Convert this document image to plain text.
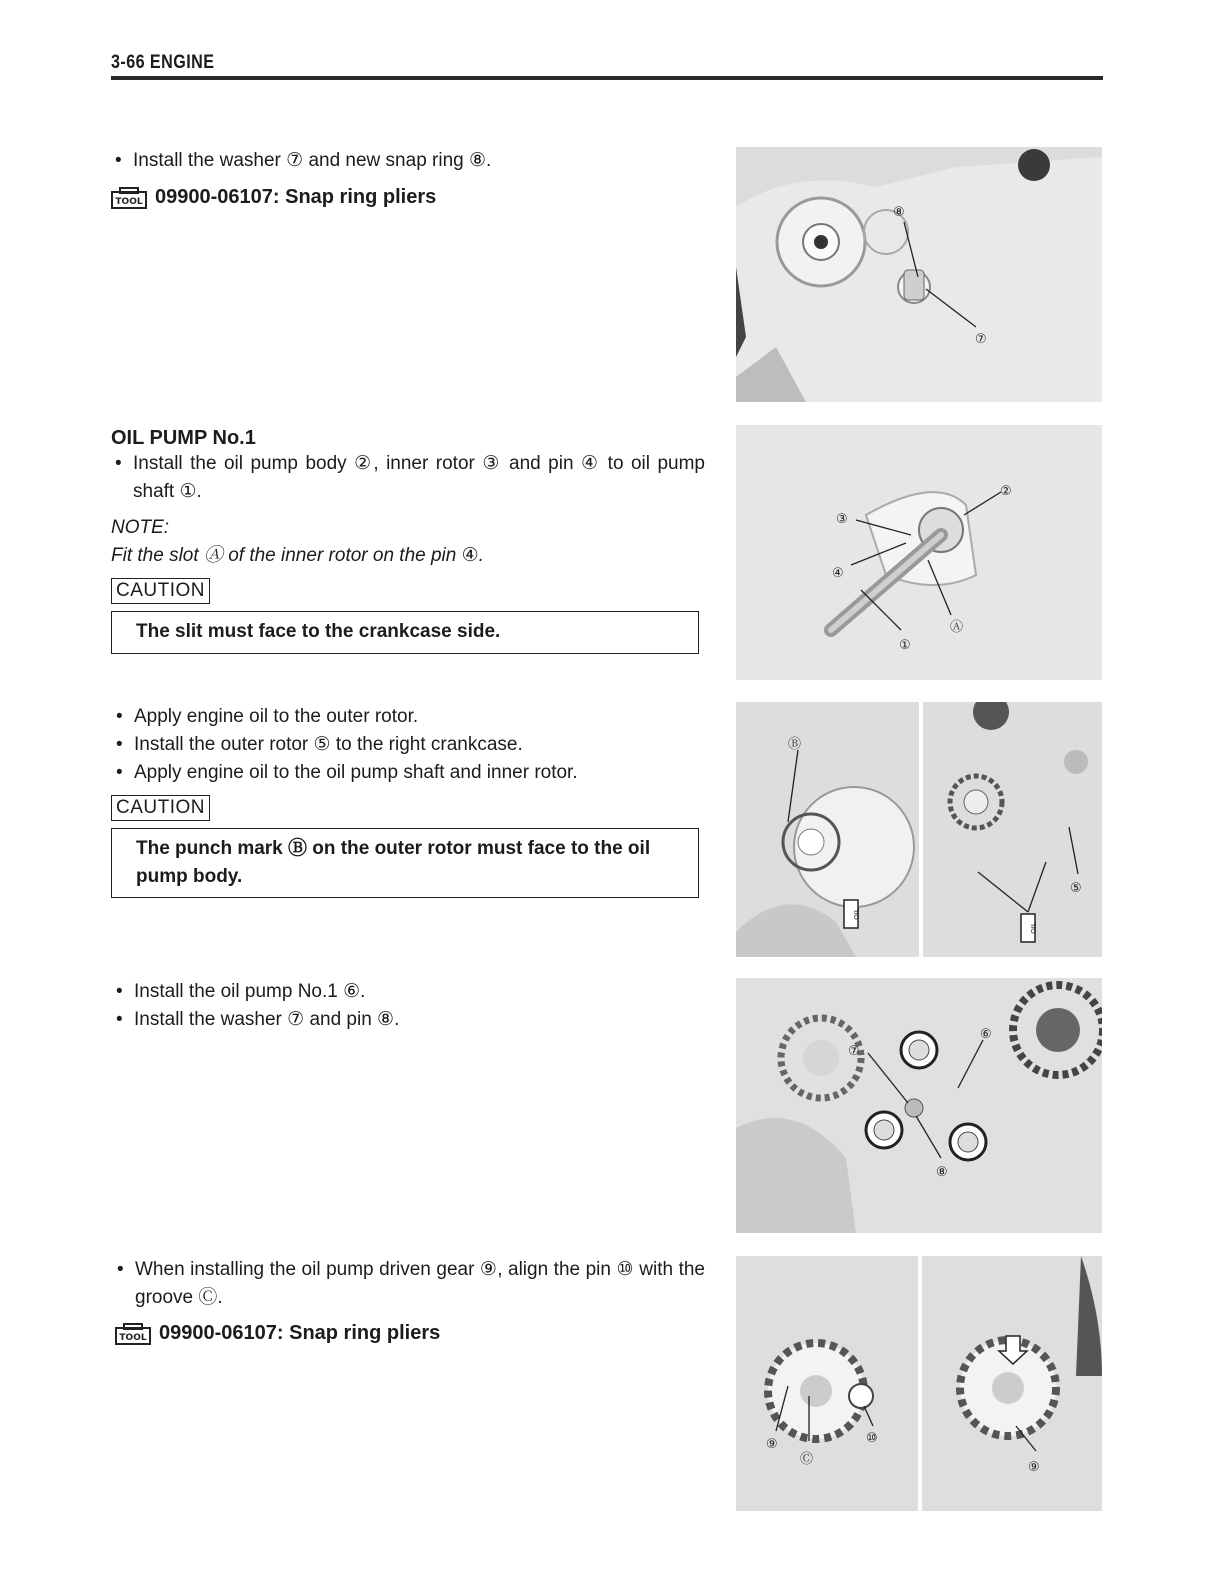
3-66 ENGINE
• Install the washer ⑦ and new snap ring ⑧.
TOOL 09900-06107: Snap ring pliers
OIL PUMP No.1
• Install the oil pump body ②, inner rotor ③ and pin ④ to oil pump shaft ①.
NOTE:
Fit the slot Ⓐ of the inner rotor on the pin ④.
CAUTION
The slit must face to the crankcase side.
• Apply engine oil to the outer rotor.
• Install the outer rotor ⑤ to the right crankcase.
• Apply engine oil to the oil pump shaft and inner rotor.
CAUTION
The punch mark Ⓑ on the outer rotor must face to the oil pump body.
• Install the oil pump No.1 ⑥.
• Install the washer ⑦ and pin ⑧.
• When installing the oil pump driven gear ⑨, align the pin ⑩ with the groove Ⓒ.
TOOL 09900-06107: Snap ring pliers
⑧
⑦
②
③
④
①
Ⓐ
OIL
OIL
Ⓑ
⑤
⑥
⑦
⑧
⑨
Ⓒ
⑩
⑨
